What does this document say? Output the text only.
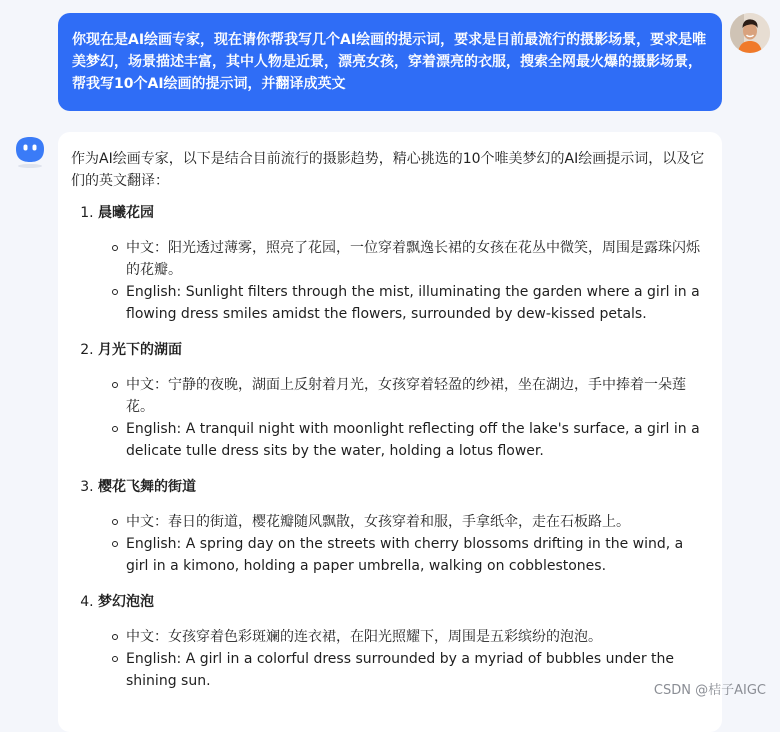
你现在是AI绘画专家，现在请你帮我写几个AI绘画的提示词，要求是目前最流行的摄影场景，要求是唯美梦幻，场景描述丰富，其中人物是近景，漂亮女孩，穿着漂亮的衣服，搜索全网最火爆的摄影场景，帮我写10个AI绘画的提示词，并翻译成英文

作为AI绘画专家，以下是结合目前流行的摄影趋势，精心挑选的10个唯美梦幻的AI绘画提示词，以及它们的英文翻译：

1. 晨曦花园
中文：阳光透过薄雾，照亮了花园，一位穿着飘逸长裙的女孩在花丛中微笑，周围是露珠闪烁的花瓣。
English: Sunlight filters through the mist, illuminating the garden where a girl in a flowing dress smiles amidst the flowers, surrounded by dew-kissed petals.
2. 月光下的湖面
中文：宁静的夜晚，湖面上反射着月光，女孩穿着轻盈的纱裙，坐在湖边，手中捧着一朵莲花。
English: A tranquil night with moonlight reflecting off the lake's surface, a girl in a delicate tulle dress sits by the water, holding a lotus flower.
3. 樱花飞舞的街道
中文：春日的街道，樱花瓣随风飘散，女孩穿着和服，手拿纸伞，走在石板路上。
English: A spring day on the streets with cherry blossoms drifting in the wind, a girl in a kimono, holding a paper umbrella, walking on cobblestones.
4. 梦幻泡泡
中文：女孩穿着色彩斑斓的连衣裙，在阳光照耀下，周围是五彩缤纷的泡泡。
English: A girl in a colorful dress surrounded by a myriad of bubbles under the shining sun.
CSDN @桔子AIGC
